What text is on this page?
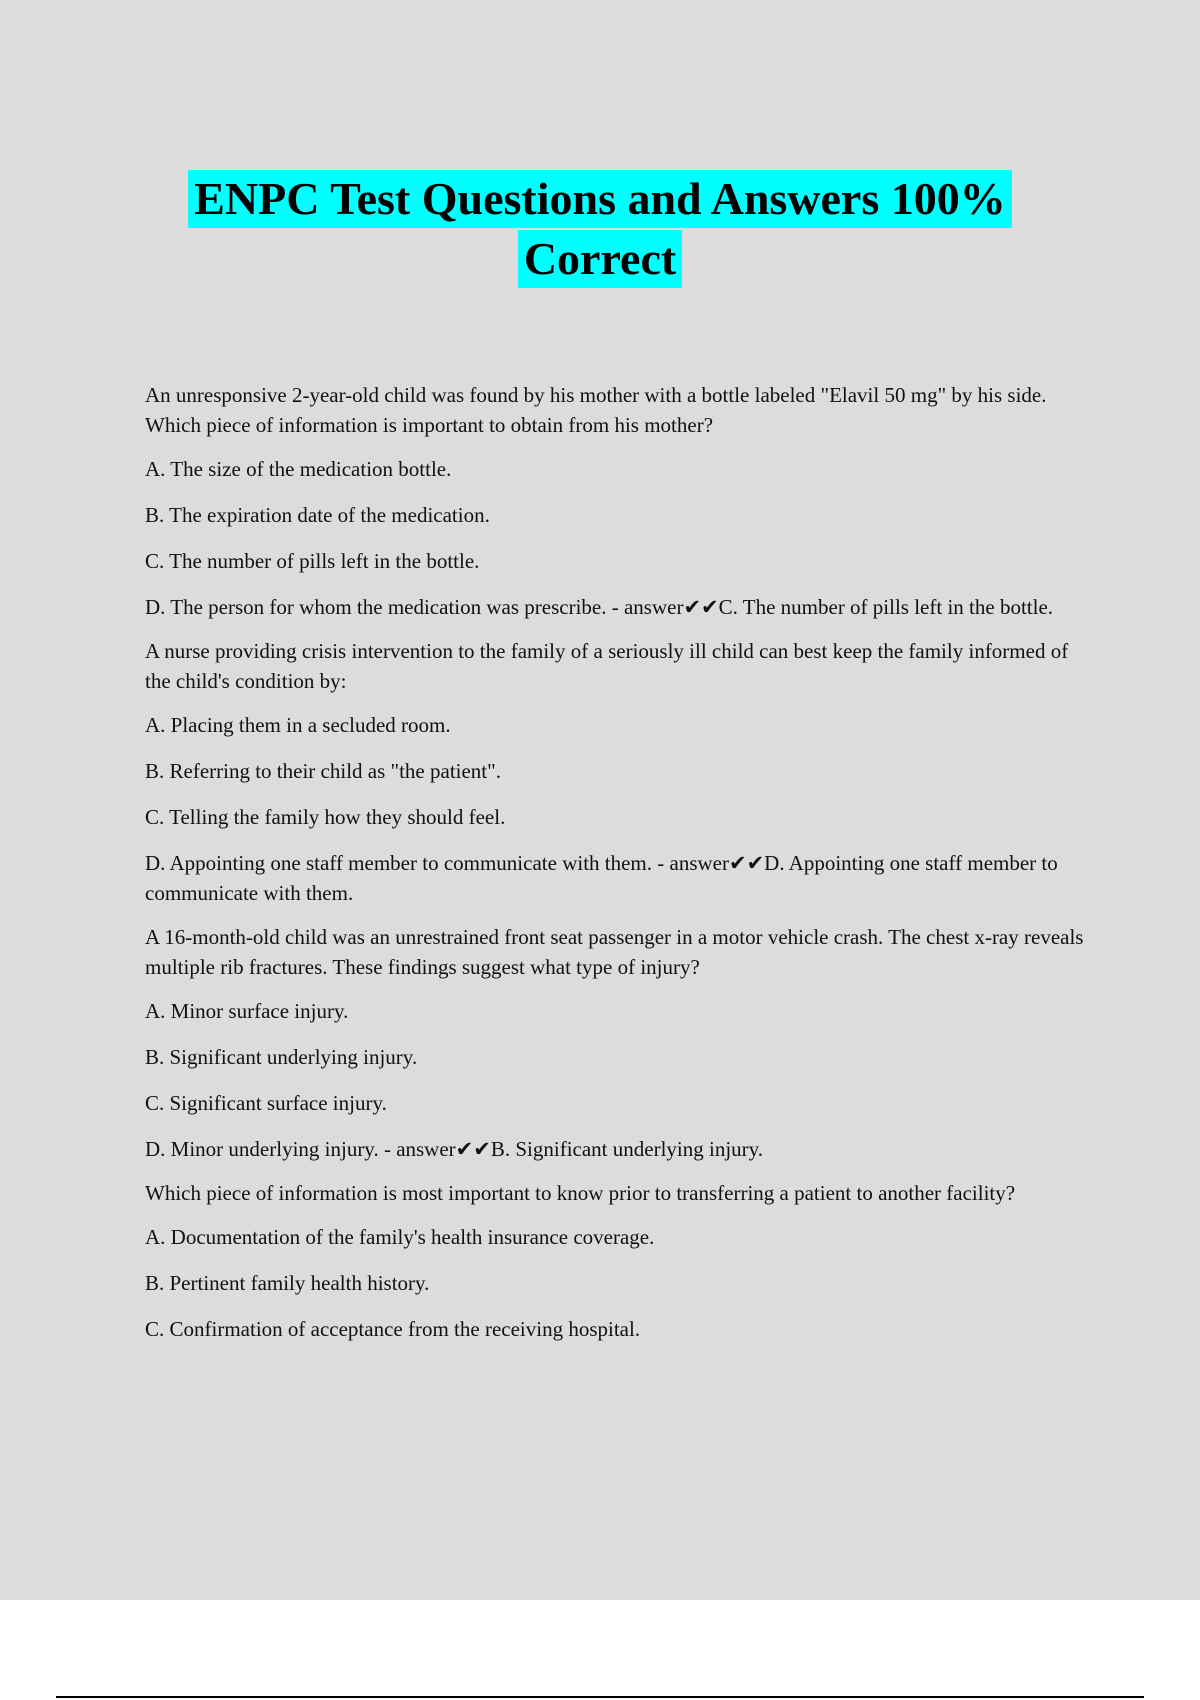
ENPC Test Questions and Answers 100%
Correct

An unresponsive 2-year-old child was found by his mother with a bottle labeled "Elavil 50 mg" by his side. Which piece of information is important to obtain from his mother?

A. The size of the medication bottle.

B. The expiration date of the medication.

C. The number of pills left in the bottle.

D. The person for whom the medication was prescribe. - answer✔✔C. The number of pills left in the bottle.

A nurse providing crisis intervention to the family of a seriously ill child can best keep the family informed of the child's condition by:

A. Placing them in a secluded room.

B. Referring to their child as "the patient".

C. Telling the family how they should feel.

D. Appointing one staff member to communicate with them. - answer✔✔D. Appointing one staff member to communicate with them.

A 16-month-old child was an unrestrained front seat passenger in a motor vehicle crash. The chest x-ray reveals multiple rib fractures. These findings suggest what type of injury?

A. Minor surface injury.

B. Significant underlying injury.

C. Significant surface injury.

D. Minor underlying injury. - answer✔✔B. Significant underlying injury.

Which piece of information is most important to know prior to transferring a patient to another facility?

A. Documentation of the family's health insurance coverage.

B. Pertinent family health history.

C. Confirmation of acceptance from the receiving hospital.
